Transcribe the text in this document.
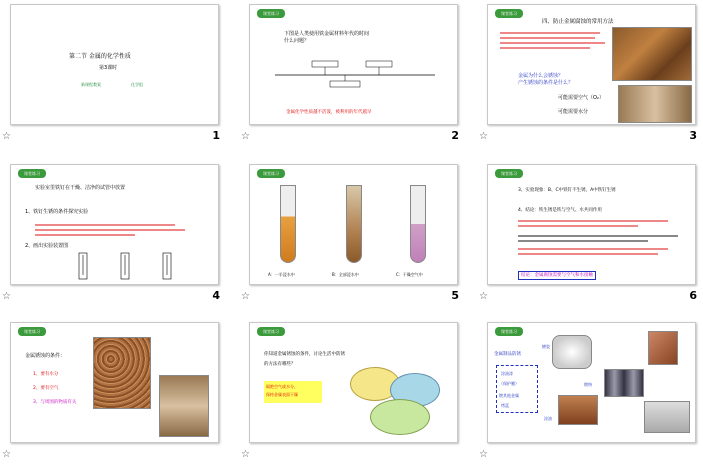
第二节 金属的化学性质
第3课时
新课程教案	化学组
☆	1
课堂练习
下图是人类使用铁金属材料年代的时间
什么问题？
金属化学性质越不活泼，被利用的年代越早
☆	2
课堂练习
四、防止金属腐蚀的常用方法
金属为什么会锈蚀？
产生锈蚀的条件是什么？
可能需要空气（O₂）
可能需要水分
☆	3
课堂练习
实验室里铁钉在干燥、洁净的试管中放置
1、铁钉生锈的条件探究实验
2、画出实验装置图
☆	4
课堂练习
A：一半浸水中	B：全部浸水中	C：干燥空气中
☆	5
课堂练习
3、实验现象：B、C中铁钉不生锈，A中铁钉生锈
4、结论：铁生锈是铁与空气、水共同作用
结论：金属腐蚀需要与空气和水接触
☆	6
课堂练习
金属锈蚀的条件：
1、要有水分
2、要有空气
3、与周围的物质有关
☆
课堂练习
你知道金属锈蚀的条件，讨论生活中防锈
的方法有哪些？
隔绝空气或水分，
保持金属表面干燥
☆
课堂练习
金属制品防锈
涂油漆
（保护膜）
镀其他金属
烤蓝
搪瓷
镀铬
涂油
☆
